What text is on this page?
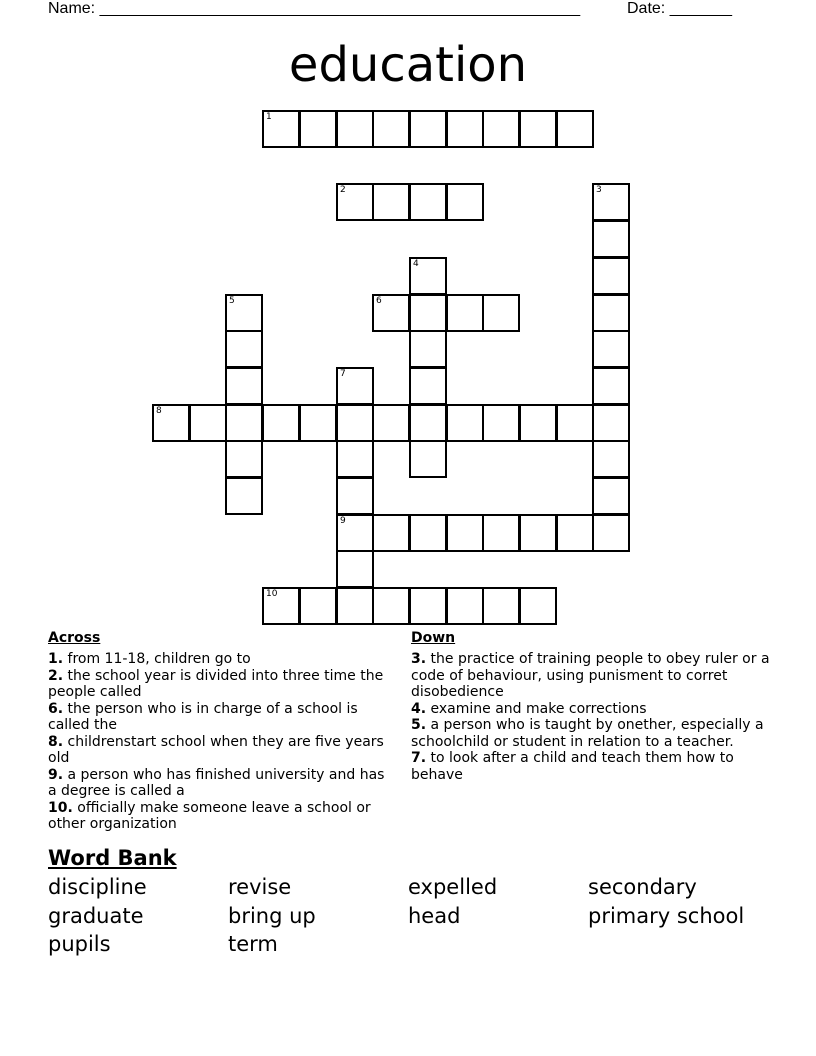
Name: ______________________________________________________	Date: _______
education
1
2
6
8
9
10
3
4
5
7
Across

1. from 11-18, children go to

2. the school year is divided into three time the people called

6. the person who is in charge of a school is called the

8. childrenstart school when they are five years old

9. a person who has finished university and has a degree is called a

10. officially make someone leave a school or other organization

Down

3. the practice of training people to obey ruler or a code of behaviour, using punisment to corret disobedience

4. examine and make corrections

5. a person who is taught by onether, especially a schoolchild or student in relation to a teacher.

7. to look after a child and teach them how to behave

Word Bank
discipline	revise	expelled	secondary
graduate	bring up	head	primary school
pupils	term
